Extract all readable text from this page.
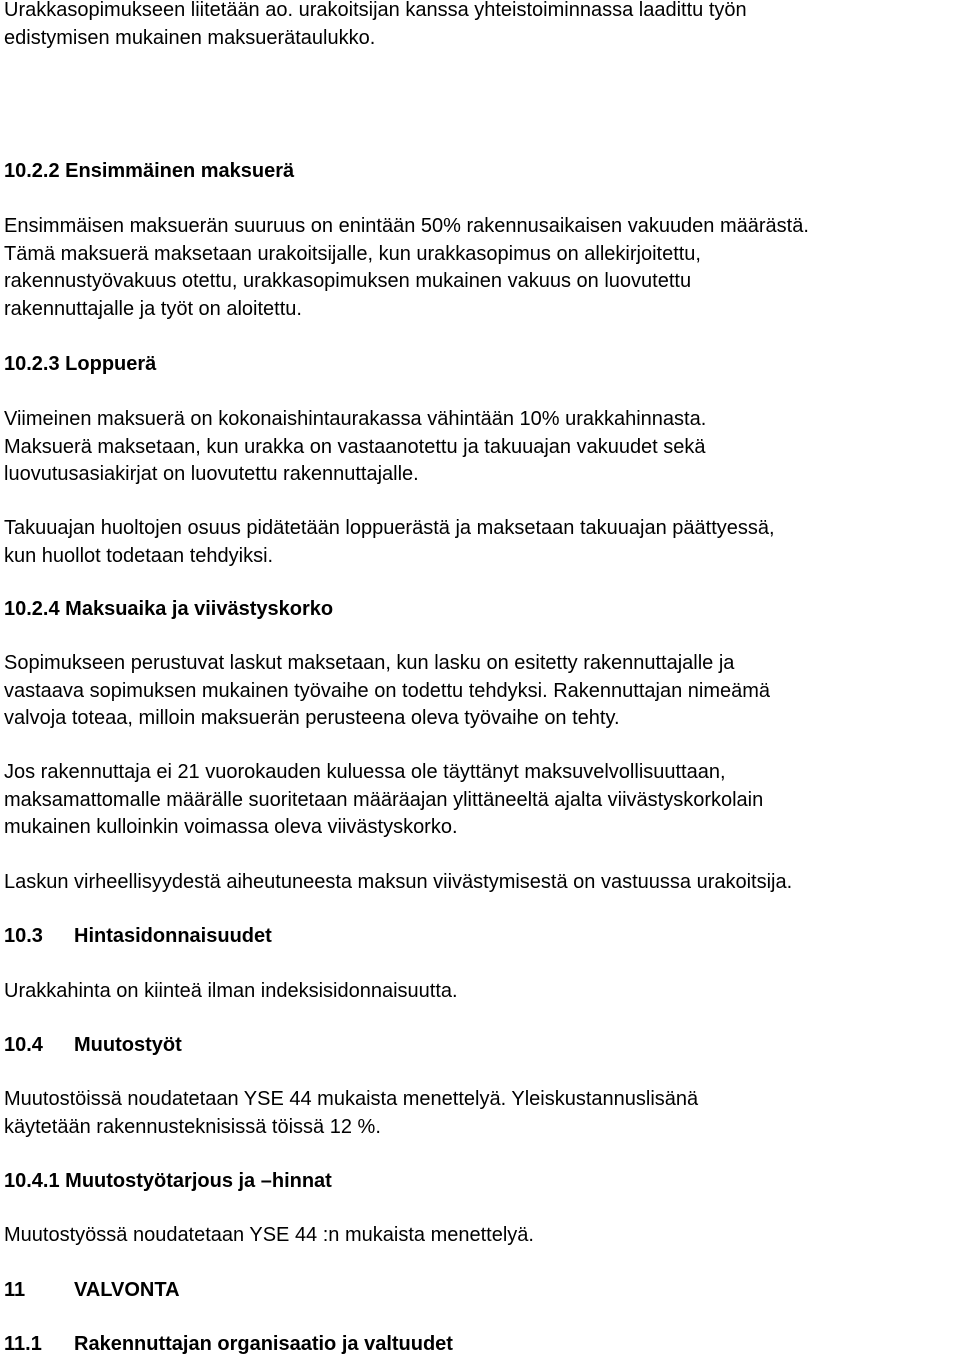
Urakkasopimukseen liitetään ao. urakoitsijan kanssa yhteistoiminnassa laadittu työn
edistymisen mukainen maksuerätaulukko.
10.2.2 Ensimmäinen maksuerä
Ensimmäisen maksuerän suuruus on enintään 50% rakennusaikaisen vakuuden määrästä.
Tämä maksuerä maksetaan urakoitsijalle, kun urakkasopimus on allekirjoitettu,
rakennustyövakuus otettu, urakkasopimuksen mukainen vakuus on luovutettu
rakennuttajalle ja työt on aloitettu.
10.2.3 Loppuerä
Viimeinen maksuerä on kokonaishintaurakassa vähintään 10% urakkahinnasta.
Maksuerä maksetaan, kun urakka on vastaanotettu ja takuuajan vakuudet sekä
luovutusasiakirjat on luovutettu rakennuttajalle.
Takuuajan huoltojen osuus pidätetään loppuerästä ja maksetaan takuuajan päättyessä,
kun huollot todetaan tehdyiksi.
10.2.4 Maksuaika ja viivästyskorko
Sopimukseen perustuvat laskut maksetaan, kun lasku on esitetty rakennuttajalle ja
vastaava sopimuksen mukainen työvaihe on todettu tehdyksi. Rakennuttajan nimeämä
valvoja toteaa, milloin maksuerän perusteena oleva työvaihe on tehty.
Jos rakennuttaja ei 21 vuorokauden kuluessa ole täyttänyt maksuvelvollisuuttaan,
maksamattomalle määrälle suoritetaan määräajan ylittäneeltä ajalta viivästyskorkolain
mukainen kulloinkin voimassa oleva viivästyskorko.
Laskun virheellisyydestä aiheutuneesta maksun viivästymisestä on vastuussa urakoitsija.
10.3 Hintasidonnaisuudet
Urakkahinta on kiinteä ilman indeksisidonnaisuutta.
10.4 Muutostyöt
Muutostöissä noudatetaan YSE 44 mukaista menettelyä. Yleiskustannuslisänä
käytetään rakennusteknisissä töissä 12 %.
10.4.1 Muutostyötarjous ja –hinnat
Muutostyössä noudatetaan YSE 44 :n mukaista menettelyä.
11 VALVONTA
11.1 Rakennuttajan organisaatio ja valtuudet
